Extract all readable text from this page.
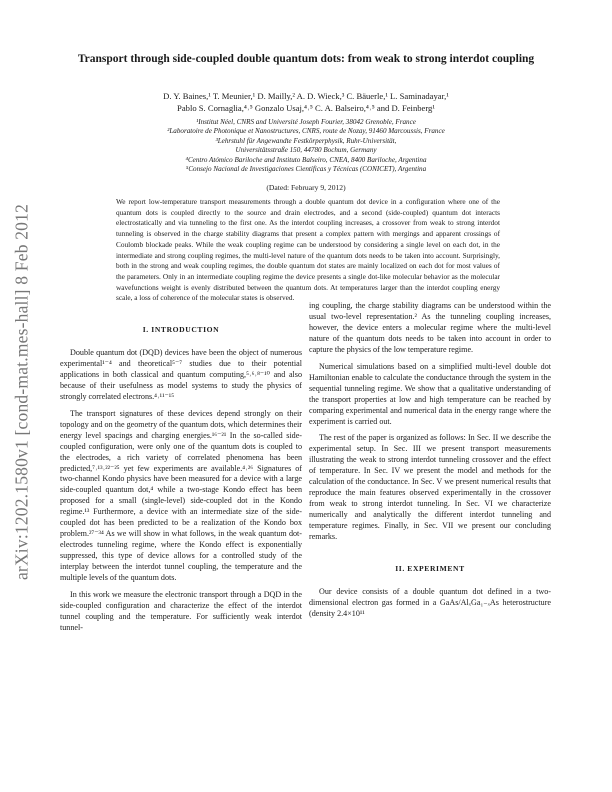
arXiv:1202.1580v1 [cond-mat.mes-hall] 8 Feb 2012
Transport through side-coupled double quantum dots: from weak to strong interdot coupling
D. Y. Baines,¹ T. Meunier,¹ D. Mailly,² A. D. Wieck,³ C. Bäuerle,¹ L. Saminadayar,¹
Pablo S. Cornaglia,⁴˒⁵ Gonzalo Usaj,⁴˒⁵ C. A. Balseiro,⁴˒⁵ and D. Feinberg¹
¹Institut Néel, CNRS and Université Joseph Fourier, 38042 Grenoble, France
²Laboratoire de Photonique et Nanostructures, CNRS, route de Nozay, 91460 Marcoussis, France
³Lehrstuhl für Angewandte Festkörperphysik, Ruhr-Universität,
Universitätsstraße 150, 44780 Bochum, Germany
⁴Centro Atómico Bariloche and Instituto Balseiro, CNEA, 8400 Bariloche, Argentina
⁵Consejo Nacional de Investigaciones Científicas y Técnicas (CONICET), Argentina
(Dated: February 9, 2012)
We report low-temperature transport measurements through a double quantum dot device in a configuration where one of the quantum dots is coupled directly to the source and drain electrodes, and a second (side-coupled) quantum dot interacts electrostatically and via tunneling to the first one. As the interdot coupling increases, a crossover from weak to strong interdot tunneling is observed in the charge stability diagrams that present a complex pattern with mergings and apparent crossings of Coulomb blockade peaks. While the weak coupling regime can be understood by considering a single level on each dot, in the intermediate and strong coupling regimes, the multi-level nature of the quantum dots needs to be taken into account. Surprisingly, both in the strong and weak coupling regimes, the double quantum dot states are mainly localized on each dot for most values of the parameters. Only in an intermediate coupling regime the device presents a single dot-like molecular behavior as the molecular wavefunctions weight is evenly distributed between the quantum dots. At temperatures larger than the interdot coupling energy scale, a loss of coherence of the molecular states is observed.
I. INTRODUCTION

Double quantum dot (DQD) devices have been the object of numerous experimental¹⁻⁴ and theoretical⁵⁻⁷ studies due to their potential applications in both classical and quantum computing,⁵˒⁶˒⁸⁻¹⁰ and also because of their usefulness as model systems to study the physics of strongly correlated electrons.⁴˒¹¹⁻¹⁵

The transport signatures of these devices depend strongly on their topology and on the geometry of the quantum dots, which determines their energy level spacings and charging energies.¹⁶⁻²¹ In the so-called side-coupled configuration, were only one of the quantum dots is coupled to the electrodes, a rich variety of correlated phenomena has been predicted,⁷˒¹³˒²²⁻²⁵ yet few experiments are available.⁴˒²⁶ Signatures of two-channel Kondo physics have been measured for a device with a large side-coupled quantum dot,⁴ while a two-stage Kondo effect has been proposed for a small (single-level) side-coupled dot in the Kondo regime.¹³ Furthermore, a device with an intermediate size of the side-coupled dot has been predicted to be a realization of the Kondo box problem.²⁷⁻³⁴ As we will show in what follows, in the weak quantum dot-electrodes tunneling regime, where the Kondo effect is exponentially suppressed, this type of device allows for a controlled study of the interplay between the interdot tunnel coupling, the temperature and the multiple levels of the quantum dots.

In this work we measure the electronic transport through a DQD in the side-coupled configuration and characterize the effect of the interdot tunnel coupling and the temperature. For sufficiently weak interdot tunnel-

ing coupling, the charge stability diagrams can be understood within the usual two-level representation.² As the tunneling coupling increases, however, the device enters a molecular regime where the multi-level nature of the quantum dots needs to be taken into account in order to capture the physics of the low temperature regime.

Numerical simulations based on a simplified multi-level double dot Hamiltonian enable to calculate the conductance through the system in the sequential tunneling regime. We show that a qualitative understanding of the transport properties at low and high temperature can be reached by comparing experimental and numerical data in the energy range where the experiment is carried out.

The rest of the paper is organized as follows: In Sec. II we describe the experimental setup. In Sec. III we present transport measurements illustrating the weak to strong interdot tunneling crossover and the effect of temperature. In Sec. IV we present the model and methods for the calculation of the conductance. In Sec. V we present numerical results that reproduce the main features observed experimentally in the crossover from weak to strong interdot tunneling. In Sec. VI we characterize numerically and analytically the different interdot tunneling and temperature regimes. Finally, in Sec. VII we present our concluding remarks.

II. EXPERIMENT

Our device consists of a double quantum dot defined in a two-dimensional electron gas formed in a GaAs/AlₓGa₁₋ₓAs heterostructure (density 2.4×10¹¹
